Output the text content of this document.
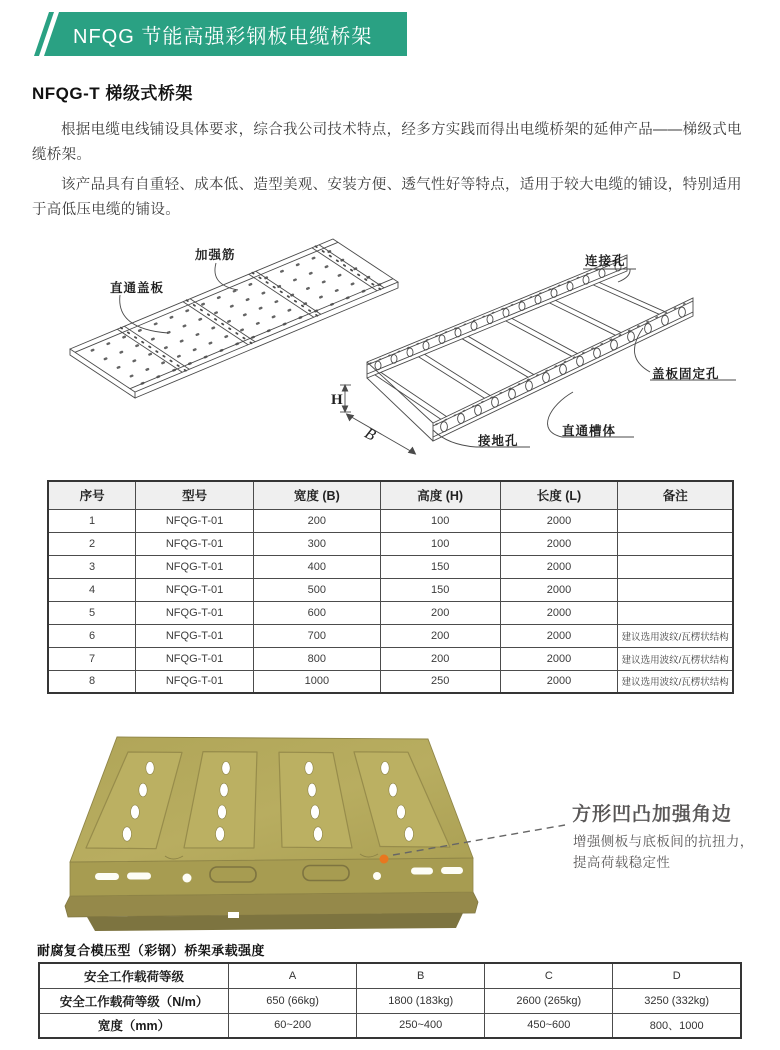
NFQG 节能高强彩钢板电缆桥架
NFQG-T 梯级式桥架

根据电缆电线铺设具体要求，综合我公司技术特点，经多方实践而得出电缆桥架的延伸产品——梯级式电缆桥架。

该产品具有自重轻、成本低、造型美观、安装方便、透气性好等特点，适用于较大电缆的铺设，特别适用于高低压电缆的铺设。

H
B
加强筋
直通盖板
连接孔
盖板固定孔
接地孔
直通槽体
序号	型号	宽度 (B)	高度 (H)	长度 (L)	备注
1	NFQG-T-01	200	100	2000	
2	NFQG-T-01	300	100	2000	
3	NFQG-T-01	400	150	2000	
4	NFQG-T-01	500	150	2000	
5	NFQG-T-01	600	200	2000	
6	NFQG-T-01	700	200	2000	建议选用波纹/瓦楞状结构
7	NFQG-T-01	800	200	2000	建议选用波纹/瓦楞状结构
8	NFQG-T-01	1000	250	2000	建议选用波纹/瓦楞状结构
方形凹凸加强角边
增强侧板与底板间的抗扭力，
提高荷载稳定性
耐腐复合模压型（彩钢）桥架承载强度
安全工作载荷等级	A	B	C	D
安全工作载荷等级（N/m）	650 (66kg)	1800 (183kg)	2600 (265kg)	3250 (332kg)
宽度（mm）	60~200	250~400	450~600	800、1000
